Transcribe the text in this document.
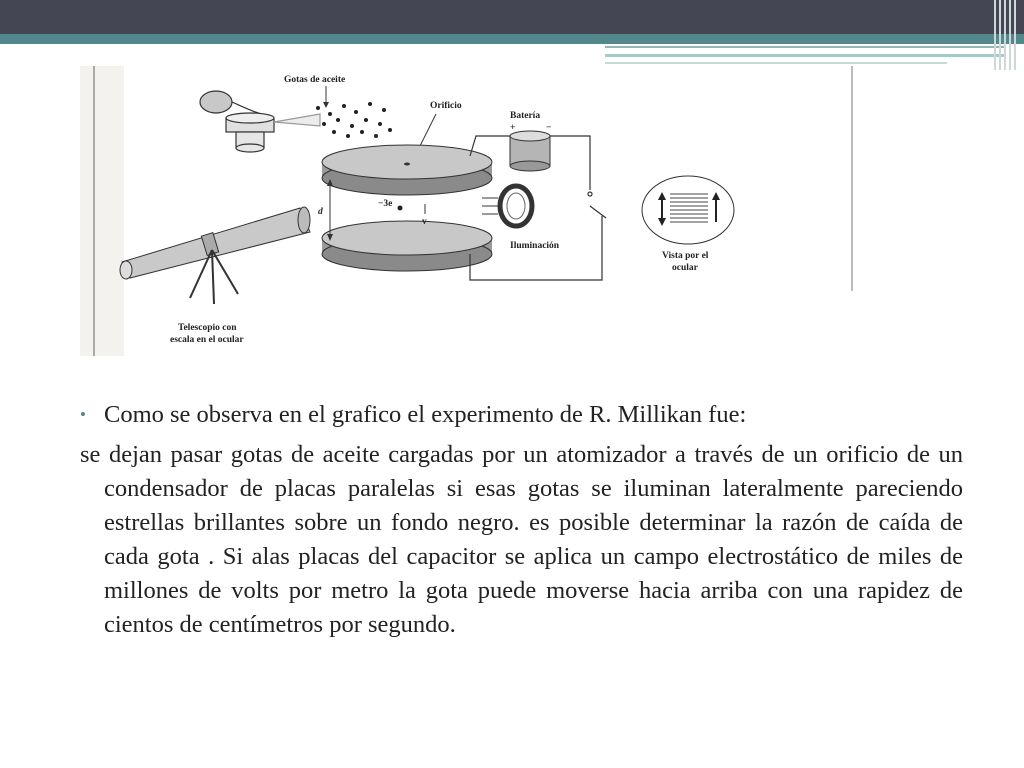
Gotas de aceite
Orificio
d
−3e
v
Batería
+	−
Iluminación
Vista por el
ocular
Telescopio con
escala en el ocular
• Como se observa en el grafico el experimento de R. Millikan fue:
se dejan pasar gotas de aceite cargadas por un atomizador a través de un orificio de un condensador de placas paralelas si esas gotas se iluminan lateralmente pareciendo estrellas brillantes sobre un fondo negro. es posible determinar la razón de caída de cada gota . Si alas placas del capacitor se aplica un campo electrostático de miles de millones de volts por metro la gota puede moverse hacia arriba con una rapidez de cientos de centímetros por segundo.
